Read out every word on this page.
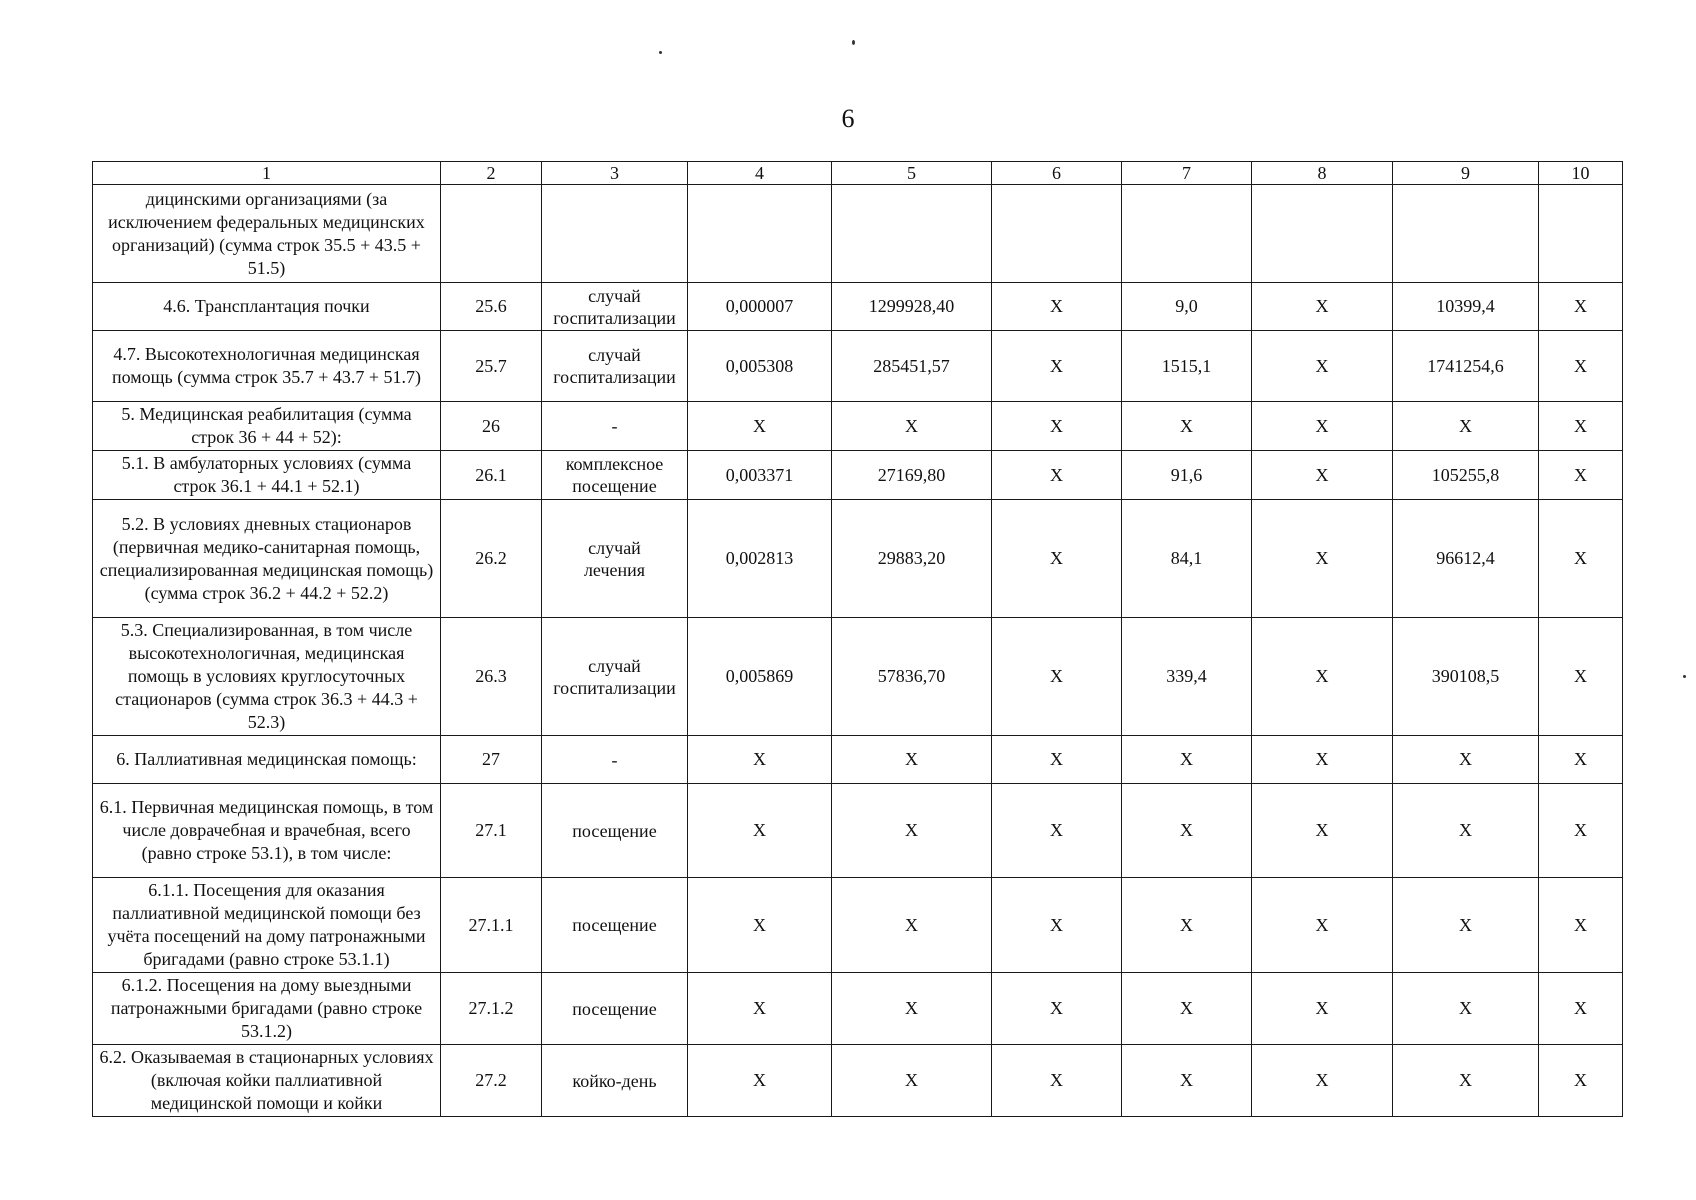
6
1	2	3	4	5	6	7	8	9	10
дицинскими организациями (за исключением федеральных медицинских организаций) (сумма строк 35.5 + 43.5 + 51.5)									
4.6. Трансплантация почки	25.6	случай госпитализации	0,000007	1299928,40	X	9,0	X	10399,4	X
4.7. Высокотехнологичная медицинская помощь (сумма строк 35.7 + 43.7 + 51.7)	25.7	случай госпитализации	0,005308	285451,57	X	1515,1	X	1741254,6	X
5. Медицинская реабилитация (сумма строк 36 + 44 + 52):	26	-	X	X	X	X	X	X	X
5.1. В амбулаторных условиях (сумма строк 36.1 + 44.1 + 52.1)	26.1	комплексное посещение	0,003371	27169,80	X	91,6	X	105255,8	X
5.2. В условиях дневных стационаров (первичная медико-санитарная помощь, специализированная медицинская помощь) (сумма строк 36.2 + 44.2 + 52.2)	26.2	случай лечения	0,002813	29883,20	X	84,1	X	96612,4	X
5.3. Специализированная, в том числе высокотехнологичная, медицинская помощь в условиях круглосуточных стационаров (сумма строк 36.3 + 44.3 + 52.3)	26.3	случай госпитализации	0,005869	57836,70	X	339,4	X	390108,5	X
6. Паллиативная медицинская помощь:	27	-	X	X	X	X	X	X	X
6.1. Первичная медицинская помощь, в том числе доврачебная и врачебная, всего (равно строке 53.1), в том числе:	27.1	посещение	X	X	X	X	X	X	X
6.1.1. Посещения для оказания паллиативной медицинской помощи без учёта посещений на дому патронажными бригадами (равно строке 53.1.1)	27.1.1	посещение	X	X	X	X	X	X	X
6.1.2. Посещения на дому выездными патронажными бригадами (равно строке 53.1.2)	27.1.2	посещение	X	X	X	X	X	X	X
6.2. Оказываемая в стационарных условиях (включая койки паллиативной медицинской помощи и койки	27.2	койко-день	X	X	X	X	X	X	X
